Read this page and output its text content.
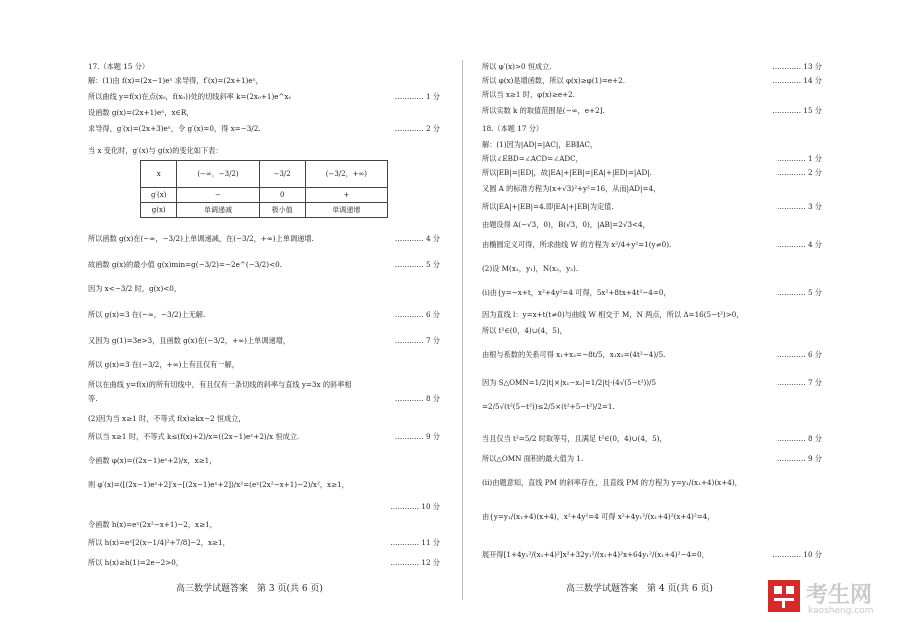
17.（本题 15 分）
解：(1)由 f(x)=(2x−1)eˣ 求导得，f′(x)=(2x+1)eˣ，
所以曲线 y=f(x)在点(x₀，f(x₀))处的切线斜率 k=(2x₀+1)e^x₀	………… 1 分
设函数 g(x)=(2x+1)eˣ，x∈R，
求导得，g′(x)=(2x+3)eˣ，令 g′(x)=0，得 x=−3/2.	………… 2 分
当 x 变化时，g′(x)与 g(x)的变化如下表：
所以函数 g(x)在(−∞，−3/2)上单调递减，在(−3/2，+∞)上单调递增.	………… 4 分
故函数 g(x)的最小值 g(x)min=g(−3/2)=−2e^(−3/2)<0.	………… 5 分
因为 x<−3/2 时，g(x)<0，
所以 g(x)=3 在(−∞，−3/2)上无解.	………… 6 分
又因为 g(1)=3e>3，且函数 g(x)在(−3/2，+∞)上单调递增，	………… 7 分
所以 g(x)=3 在(−3/2，+∞)上有且仅有一解，
所以在曲线 y=f(x)的所有切线中，有且仅有一条切线的斜率与直线 y=3x 的斜率相
等.	………… 8 分
(2)因为当 x≥1 时，不等式 f(x)≥kx−2 恒成立，
所以当 x≥1 时，不等式 k≤(f(x)+2)/x=((2x−1)eˣ+2)/x 恒成立.	………… 9 分
令函数 φ(x)=((2x−1)eˣ+2)/x，x≥1，
则 φ′(x)=([(2x−1)eˣ+2]′x−[(2x−1)eˣ+2])/x²=(eˣ(2x²−x+1)−2)/x²，x≥1，
………… 10 分
令函数 h(x)=eˣ(2x²−x+1)−2，x≥1，
所以 h(x)=eˣ[2(x−1/4)²+7/8]−2，x≥1，	………… 11 分
所以 h(x)≥h(1)=2e−2>0，	………… 12 分
x	(−∞，−3/2)	−3/2	(−3/2，+∞)
g′(x)	−	0	+
g(x)	单调递减	极小值	单调递增
所以 φ′(x)>0 恒成立.	………… 13 分
所以 φ(x)是增函数，所以 φ(x)≥φ(1)=e+2.	………… 14 分
所以当 x≥1 时，φ(x)≥e+2.
所以实数 k 的取值范围是(−∞，e+2].	………… 15 分
18.（本题 17 分）
解：(1)因为|AD|=|AC|，EB∥AC，
所以∠EBD=∠ACD=∠ADC，	………… 1 分
所以|EB|=|ED|，故|EA|+|EB|=|EA|+|ED|=|AD|.	………… 2 分
又圆 A 的标准方程为(x+√3)²+y²=16，从而|AD|=4，
所以|EA|+|EB|=4.即|EA|+|EB|为定值.	………… 3 分
由题设得 A(−√3，0)，B(√3，0)，|AB|=2√3<4，
由椭圆定义可得，所求曲线 W 的方程为 x²/4+y²=1(y≠0).	………… 4 分
(2)设 M(x₁，y₁)，N(x₂，y₂).
(i)由{y=−x+t，x²+4y²=4 可得，5x²+8tx+4t²−4=0，	………… 5 分
因为直线 l：y=x+t(t≠0)与曲线 W 相交于 M，N 两点，所以 Δ=16(5−t²)>0，
所以 t²∈(0，4)∪(4，5)，
由根与系数的关系可得 x₁+x₂=−8t/5，x₁x₂=(4t²−4)/5.	………… 6 分
因为 S△OMN=1/2|t|×|x₁−x₂|=1/2|t|·(4√(5−t²))/5	………… 7 分
=2/5√(t²(5−t²))≤2/5×(t²+5−t²)/2=1.
当且仅当 t²=5/2 时取等号，且满足 t²∈(0，4)∪(4，5)，	………… 8 分
所以△OMN 面积的最大值为 1.	………… 9 分
(ii)由题意知，直线 PM 的斜率存在，且直线 PM 的方程为 y=y₁/(x₁+4)(x+4)，
由{y=y₁/(x₁+4)(x+4)，x²+4y²=4 可得 x²+4y₁²/(x₁+4)²(x+4)²=4，
展开得[1+4y₁²/(x₁+4)²]x²+32y₁²/(x₁+4)²x+64y₁²/(x₁+4)²−4=0，	………… 10 分
高三数学试题答案　第 3 页(共 6 页)	高三数学试题答案　第 4 页(共 6 页)	考生网
kaosheng.com
